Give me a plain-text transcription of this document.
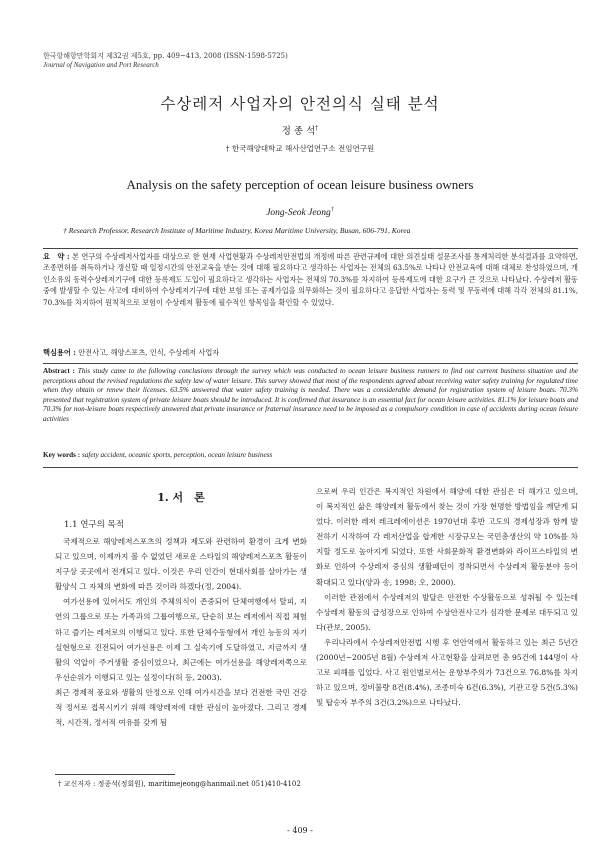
한국항해항만학회지 제32권 제5호, pp. 409~413, 2008 (ISSN-1598-5725)
Journal of Navigation and Port Research
수상레저 사업자의 안전의식 실태 분석
정 종 석†
† 한국해양대학교 해사산업연구소 전임연구원
Analysis on the safety perception of ocean leisure business owners
Jong-Seok Jeong†
† Research Professor, Research Institute of Maritime Industry, Korea Maritime University, Busan, 606-791, Korea
요　약 : 본 연구의 수상레저사업자를 대상으로 한 현재 사업현황과 수상레저안전법의 개정에 따른 관련규제에 대한 의견실태 설문조사를 통계처리한 분석결과를 요약하면, 조종면허를 취득하거나 갱신할 때 일정시간의 안전교육을 받는 것에 대해 필요하다고 생각하는 사업자는 전체의 63.5%로 나타나 안전교육에 대해 대체로 찬성하였으며, 개인소유의 동력수상레저기구에 대한 등록제도 도입이 필요하다고 생각하는 사업자는 전체의 70.3%를 차지하여 등록제도에 대한 요구가 큰 것으로 나타났다. 수상레저 활동 중에 발생할 수 있는 사고에 대비하여 수상레저기구에 대한 보험 또는 공제가입을 의무화하는 것이 필요하다고 응답한 사업자는 동력 및 무동력에 대해 각각 전체의 81.1%, 70.3%를 차지하여 원칙적으로 보험이 수상레저 활동에 필수적인 항목임을 확인할 수 있었다.
핵심용어 : 안전사고, 해양스포츠, 인식, 수상레저 사업자
Abstract : This study came to the following conclusions through the survey which was conducted to ocean leisure business runners to find out current business situation and the perceptions about the revised regulations the safety law of water leisure. This survey showed that most of the respondents agreed about receiving water safety training for regulated time when they obtain or renew their licenses. 63.5% answered that water safety training is needed. There was a considerable demand for registration system of leisure boats. 70.3% presented that registration system of private leisure boats should be introduced. It is confirmed that insurance is an essential fact for ocean leisure activities. 81.1% for leisure boats and 70.3% for non-leisure boats respectively answered that private insurance or fraternal insurance need to be imposed as a compulsory condition in case of accidents during ocean leisure activities
Key words : safety accident, oceanic sports, perception, ocean leisure business
1. 서　론
1.1 연구의 목적
국제적으로 해양레저스포츠의 정책과 제도와 관련하여 환경이 크게 변화되고 있으며, 이제까지 볼 수 없었던 새로운 스타일의 해양레저스포츠 활동이 지구상 곳곳에서 전개되고 있다. 이것은 우리 인간이 현대사회를 살아가는 생활양식 그 자체의 변화에 따른 것이라 하겠다(정, 2004).
여가선용에 있어서도 개인의 주체의식이 존중되어 단체여행에서 탈피, 지연의 그룹으로 또는 가족과의 그룹여행으로, 단순히 보는 레저에서 직접 체험하고 즐기는 레저로의 이행되고 있다. 또한 단체수동형에서 개인 능동의 자기실현형으로 진전되어 여가선용은 이제 그 실속기에 도달하였고, 지금까지 생활의 억압이 주거생활 중심이었으나, 최근에는 여가선용을 해양레저쪽으로 우선순위가 이행되고 있는 실정이다(허 등, 2003).
최근 경제적 풍요와 생활의 안정으로 인해 여가시간을 보다 건전한 국민 건강적 정서로 접목시키기 위해 해양레저에 대한 관심이 높아졌다. 그리고 경제적, 시간적, 정서적 여유를 갖게 됨
으로써 우리 인간은 복지적인 차원에서 해양에 대한 관심은 더 해가고 있으며, 이 복지적인 삶은 해양레저 활동에서 찾는 것이 가장 현명한 방법임을 깨닫게 되었다. 이러한 레저 레크레에이션은 1970년대 후반 고도의 경제성장과 함께 발전하기 시작하여 각 레저산업을 합계한 시장규모는 국민총생산의 약 10%를 차지할 정도로 높아지게 되었다. 또한 사회문화적 환경변화와 라이프스타일의 변화로 인하여 수상레저 중심의 생활패턴이 정착되면서 수상레저 활동분야 등이 확대되고 있다(양과 송, 1998; 오, 2000).
이러한 관점에서 수상레저의 발달은 안전한 수상활동으로 성취될 수 있는데 수상레저 활동의 급성장으로 인하여 수상안전사고가 심각한 문제로 대두되고 있다(관보, 2005).
우리나라에서 수상레저안전법 시행 후 연안역에서 활동하고 있는 최근 5년간(2000년~2005년 8월) 수상레저 사고현황을 살펴보면 총 95건에 144명이 사고로 피해를 입었다. 사고 원인별로서는 운항부주의가 73건으로 76.8%를 차지하고 있으며, 정비불량 8건(8.4%), 조종미숙 6건(6.3%), 기관고장 5건(5.3%) 및 탑승자 부주의 3건(3.2%)으로 나타났다.
† 교신저자 : 정종석(정회원), maritimejeong@hanmail.net 051)410-4102
- 409 -
